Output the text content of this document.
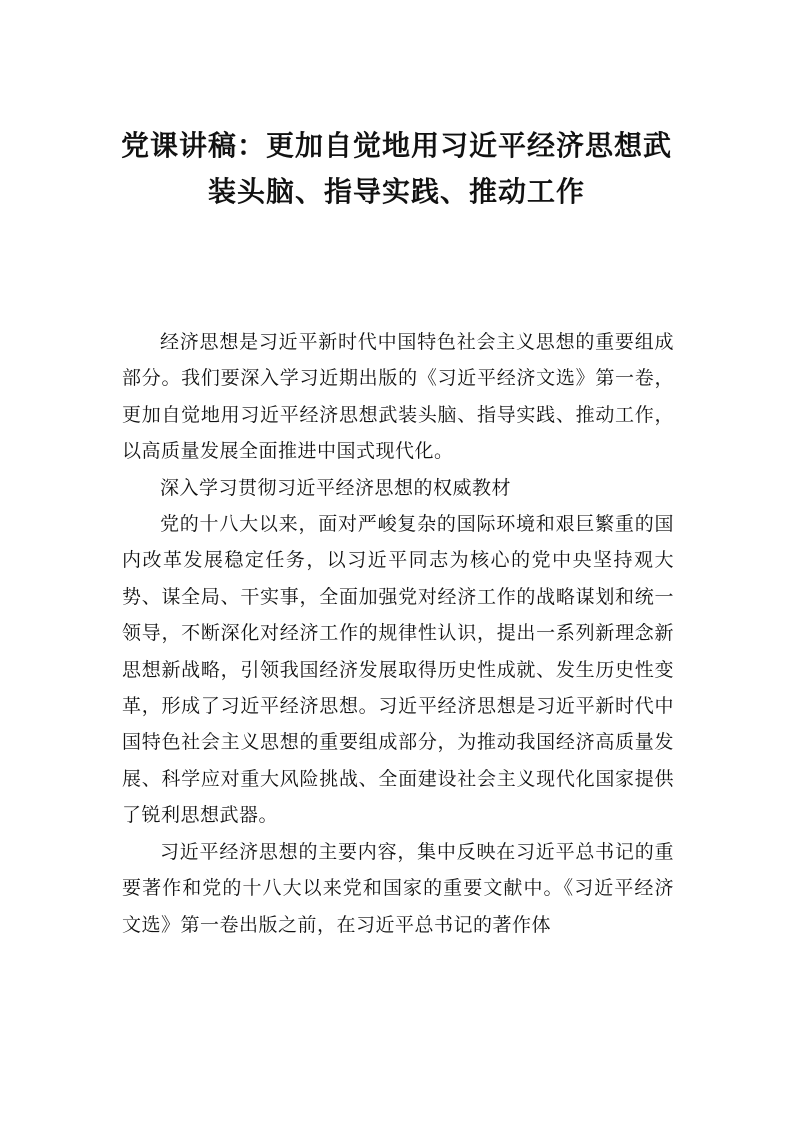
党课讲稿：更加自觉地用习近平经济思想武
装头脑、指导实践、推动工作

经济思想是习近平新时代中国特色社会主义思想的重要组成部分。我们要深入学习近期出版的《习近平经济文选》第一卷，更加自觉地用习近平经济思想武装头脑、指导实践、推动工作，以高质量发展全面推进中国式现代化。

深入学习贯彻习近平经济思想的权威教材

党的十八大以来，面对严峻复杂的国际环境和艰巨繁重的国内改革发展稳定任务，以习近平同志为核心的党中央坚持观大势、谋全局、干实事，全面加强党对经济工作的战略谋划和统一领导，不断深化对经济工作的规律性认识，提出一系列新理念新思想新战略，引领我国经济发展取得历史性成就、发生历史性变革，形成了习近平经济思想。习近平经济思想是习近平新时代中国特色社会主义思想的重要组成部分，为推动我国经济高质量发展、科学应对重大风险挑战、全面建设社会主义现代化国家提供了锐利思想武器。

习近平经济思想的主要内容，集中反映在习近平总书记的重要著作和党的十八大以来党和国家的重要文献中。《习近平经济文选》第一卷出版之前，在习近平总书记的著作体
